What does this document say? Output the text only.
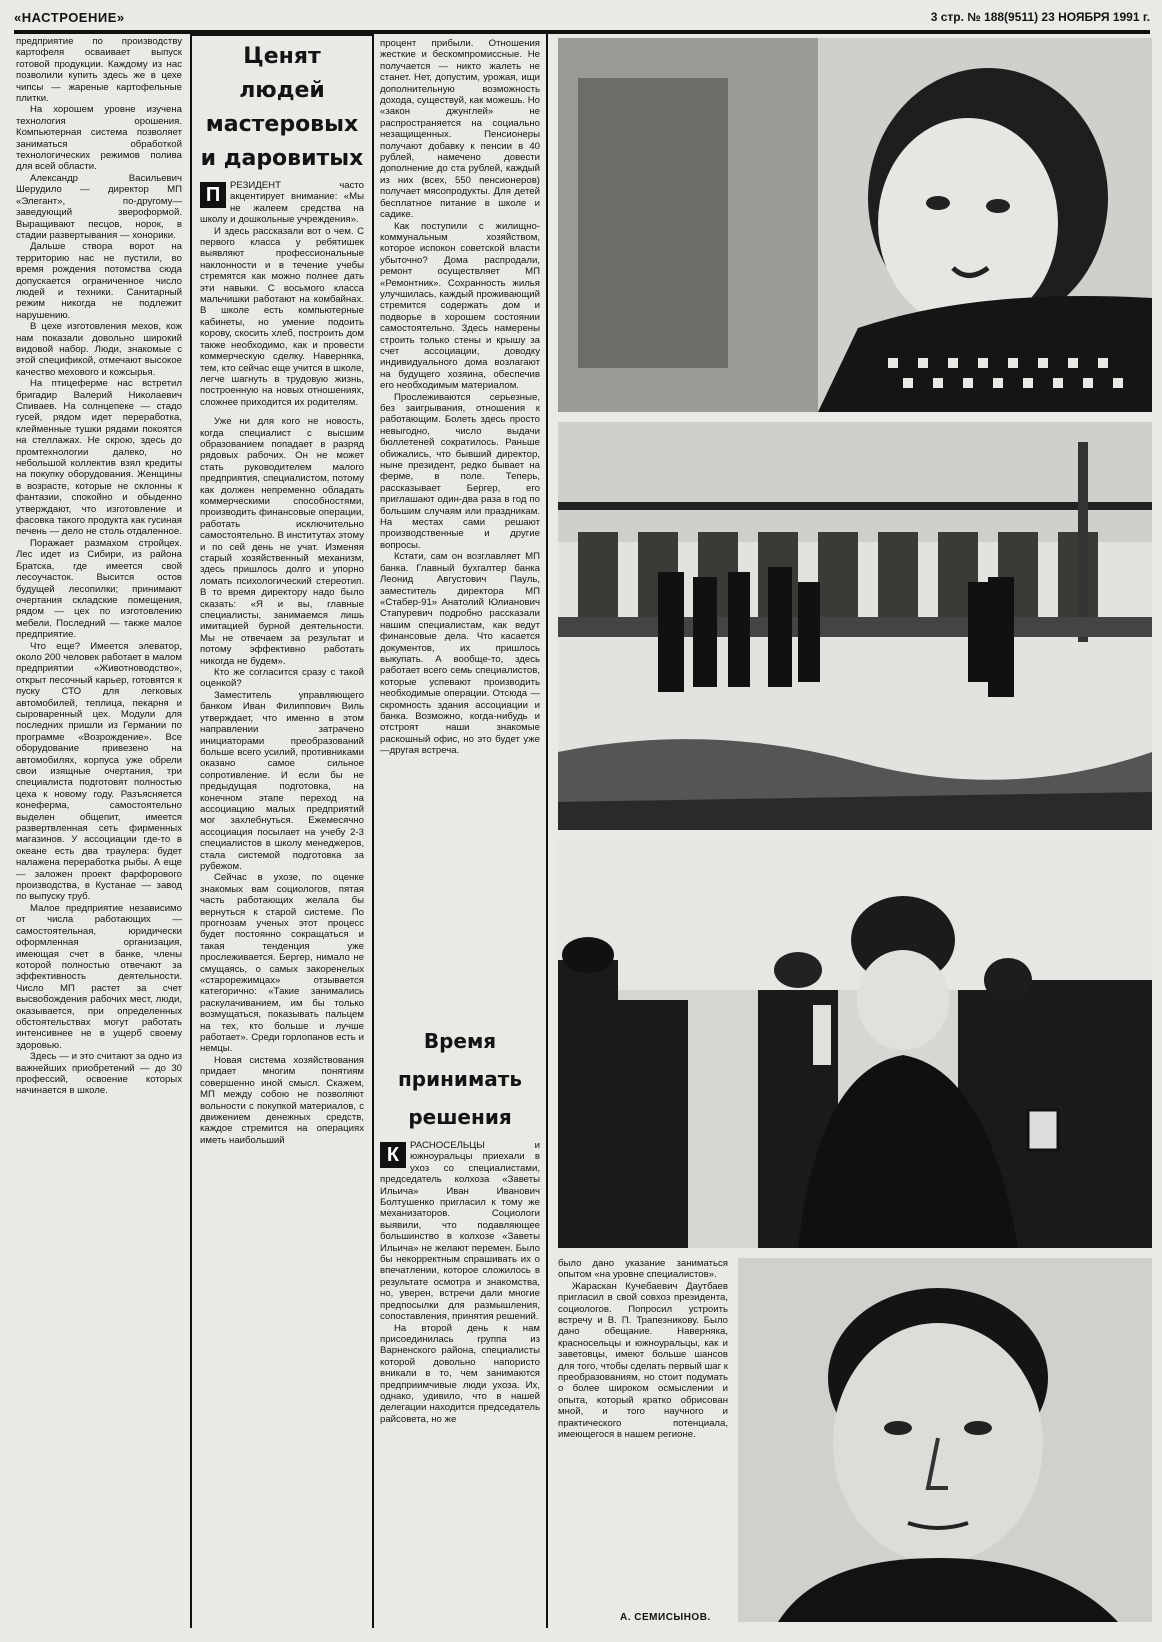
«НАСТРОЕНИЕ»	3 стр. № 188(9511) 23 НОЯБРЯ 1991 г.

предприятие по производству картофеля осваивает выпуск готовой продукции. Каждому из нас позволили купить здесь же в цехе чипсы — жареные картофельные плитки.

На хорошем уровне изучена технология орошения. Компьютерная система позволяет заниматься обработкой технологических режимов полива для всей области.

Александр Васильевич Шерудило — директор МП «Элегант», по-другому—заведующий звероформой. Выращивают песцов, норок, в стадии развертывания — хонорики.

Дальше створа ворот на территорию нас не пустили, во время рождения потомства сюда допускается ограниченное число людей и техники. Санитарный режим никогда не подлежит нарушению.

В цехе изготовления мехов, кож нам показали довольно широкий видовой набор. Люди, знакомые с этой спецификой, отмечают высокое качество мехового и кожсырья.

На птицеферме нас встретил бригадир Валерий Николаевич Спиваев. На солнцепеке — стадо гусей, рядом идет переработка, клейменные тушки рядами покоятся на стеллажах. Не скрою, здесь до промтехнологии далеко, но небольшой коллектив взял кредиты на покупку оборудования. Женщины в возрасте, которые не склонны к фантазии, спокойно и обыденно утверждают, что изготовление и фасовка такого продукта как гусиная печень — дело не столь отдаленное.

Поражает размахом стройцех. Лес идет из Сибири, из района Братска, где имеется свой лесоучасток. Высится остов будущей лесопилки; принимают очертания складские помещения, рядом — цех по изготовлению мебели. Последний — также малое предприятие.

Что еще? Имеется элеватор, около 200 человек работает в малом предприятии «Животноводство», открыт песочный карьер, готовятся к пуску СТО для легковых автомобилей, теплица, пекарня и сыроваренный цех. Модули для последних пришли из Германии по программе «Возрождение». Все оборудование привезено на автомобилях, корпуса уже обрели свои изящные очертания, три специалиста подготовят полностью цеха к новому году. Разъясняется конеферма, самостоятельно выделен общепит, имеется развертвленная сеть фирменных магазинов. У ассоциации где-то в океане есть два траулера: будет налажена переработка рыбы. А еще — заложен проект фарфорового производства, в Кустанае — завод по выпуску труб.

Малое предприятие независимо от числа работающих — самостоятельная, юридически оформленная организация, имеющая счет в банке, члены которой полностью отвечают за эффективность деятельности. Число МП растет за счет высвобождения рабочих мест, люди, оказывается, при определенных обстоятельствах могут работать интенсивнее не в ущерб своему здоровью.

Здесь — и это считают за одно из важнейших приобретений — до 30 профессий, освоение которых начинается в школе.

Ценят
людей
мастеровых
и даровитых

П	РЕЗИДЕНТ часто акцентирует внимание: «Мы не жалеем средства на школу и дошкольные учреждения».

И здесь рассказали вот о чем. С первого класса у ребятишек выявляют профессиональные наклонности и в течение учебы стремятся как можно полнее дать эти навыки. С восьмого класса мальчишки работают на комбайнах. В школе есть компьютерные кабинеты, но умение подоить корову, скосить хлеб, построить дом также необходимо, как и провести коммерческую сделку. Наверняка, тем, кто сейчас еще учится в школе, легче шагнуть в трудовую жизнь, построенную на новых отношениях, сложнее приходится их родителям.

Уже ни для кого не новость, когда специалист с высшим образованием попадает в разряд рядовых рабочих. Он не может стать руководителем малого предприятия, специалистом, потому как должен непременно обладать коммерческими способностями, производить финансовые операции, работать исключительно самостоятельно. В институтах этому и по сей день не учат. Изменяя старый хозяйственный механизм, здесь пришлось долго и упорно ломать психологический стереотип. В то время директору надо было сказать: «Я и вы, главные специалисты, занимаемся лишь имитацией бурной деятельности. Мы не отвечаем за результат и потому эффективно работать никогда не будем».

Кто же согласится сразу с такой оценкой?

Заместитель управляющего банком Иван Филиппович Виль утверждает, что именно в этом направлении затрачено инициаторами преобразований больше всего усилий, противниками оказано самое сильное сопротивление. И если бы не предыдущая подготовка, на конечном этапе переход на ассоциацию малых предприятий мог захлебнуться. Ежемесячно ассоциация посылает на учебу 2-3 специалистов в школу менеджеров, стала системой подготовка за рубежом.

Сейчас в ухозе, по оценке знакомых вам социологов, пятая часть работающих желала бы вернуться к старой системе. По прогнозам ученых этот процесс будет постоянно сокращаться и такая тенденция уже прослеживается. Бергер, нимало не смущаясь, о самых закоренелых «старорежимцах» отзывается категорично: «Такие занимались раскулачиванием, им бы только возмущаться, показывать пальцем на тех, кто больше и лучше работает». Среди горлопанов есть и немцы.

Новая система хозяйствования придает многим понятиям совершенно иной смысл. Скажем, МП между собою не позволяют вольности с покупкой материалов, с движением денежных средств, каждое стремится на операциях иметь наибольший

процент прибыли. Отношения жесткие и бескомпромиссные. Не получается — никто жалеть не станет. Нет, допустим, урожая, ищи дополнительную возможность дохода, существуй, как можешь. Но «закон джунглей» не распространяется на социально незащищенных. Пенсионеры получают добавку к пенсии в 40 рублей, намечено довести дополнение до ста рублей, каждый из них (всех, 550 пенсионеров) получает мясопродукты. Для детей бесплатное питание в школе и садике.

Как поступили с жилищно-коммунальным хозяйством, которое испокон советской власти убыточно? Дома распродали, ремонт осуществляет МП «Ремонтник». Сохранность жилья улучшилась, каждый проживающий стремится содержать дом и подворье в хорошем состоянии самостоятельно. Здесь намерены строить только стены и крышу за счет ассоциации, доводку индивидуального дома возлагают на будущего хозяина, обеспечив его необходимым материалом.

Прослеживаются серьезные, без заигрывания, отношения к работающим. Болеть здесь просто невыгодно, число выдачи бюллетеней сократилось. Раньше обижались, что бывший директор, ныне президент, редко бывает на ферме, в поле. Теперь, рассказывает Бергер, его приглашают один-два раза в год по большим случаям или праздникам. На местах сами решают производственные и другие вопросы.

Кстати, сам он возглавляет МП банка. Главный бухгалтер банка Леонид Августович Пауль, заместитель директора МП «Стабер-91» Анатолий Юлианович Стапуревич подробно рассказали нашим специалистам, как ведут финансовые дела. Что касается документов, их пришлось выкупать. А вообще-то, здесь работает всего семь специалистов, которые успевают производить необходимые операции. Отсюда — скромность здания ассоциации и банка. Возможно, когда-нибудь и отстроят наши знакомые раскошный офис, но это будет уже—другая встреча.

Время
принимать
решения

К	РАСНОСЕЛЬЦЫ и южноуральцы приехали в ухоз со специалистами, председатель колхоза «Заветы Ильича» Иван Иванович Болтушенко пригласил к тому же механизаторов. Социологи выявили, что подавляющее большинство в колхозе «Заветы Ильича» не желают перемен. Было бы некорректным спрашивать их о впечатлении, которое сложилось в результате осмотра и знакомства, но, уверен, встречи дали многие предпосылки для размышления, сопоставления, принятия решений.

На второй день к нам присоединилась группа из Варненского района, специалисты которой довольно напористо вникали в то, чем занимаются предприимчивые люди ухоза. Их, однако, удивило, что в нашей делегации находится председатель райсовета, но же

было дано указание заниматься опытом «на уровне специалистов».

Жараскан Кучебаевич Даутбаев пригласил в свой совхоз президента, социологов. Попросил устроить встречу и В. П. Трапезникову. Было дано обещание. Наверняка, красносельцы и южноуральцы, как и заветовцы, имеют больше шансов для того, чтобы сделать первый шаг к преобразованиям, но стоит подумать о более широком осмыслении и опыта, который кратко обрисован мной, и того научного и практического потенциала, имеющегося в нашем регионе.

А. СЕМИСЫНОВ.
